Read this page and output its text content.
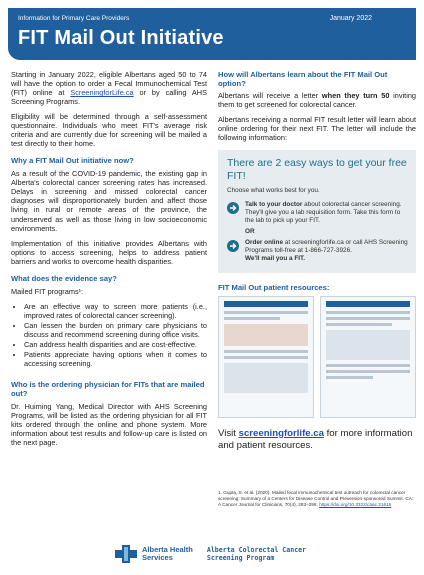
Information for Primary Care Providers	January 2022
FIT Mail Out Initiative

Starting in January 2022, eligible Albertans aged 50 to 74 will have the option to order a Fecal Immunochemical Test (FIT) online at ScreeningforLife.ca or by calling AHS Screening Programs.

Eligibility will be determined through a self-assessment questionnaire. Individuals who meet FIT's average risk criteria and are currently due for screening will be mailed a test directly to their home.

Why a FIT Mail Out initiative now?

As a result of the COVID-19 pandemic, the existing gap in Alberta's colorectal cancer screening rates has increased. Delays in screening and missed colorectal cancer diagnoses will disproportionately burden and affect those living in rural or remote areas of the province, the underserved as well as those living in low socioeconomic environments.

Implementation of this initiative provides Albertans with options to access screening, helps to address patient barriers and works to overcome health disparities.

What does the evidence say?

Mailed FIT programs¹:

• Are an effective way to screen more patients (i.e., improved rates of colorectal cancer screening).
• Can lessen the burden on primary care physicians to discuss and recommend screening during office visits.
• Can address health disparities and are cost-effective.
• Patients appreciate having options when it comes to accessing screening.
Who is the ordering physician for FITs that are mailed out?

Dr. Huiming Yang, Medical Director with AHS Screening Programs, will be listed as the ordering physician for all FIT kits ordered through the online and phone system. More information about test results and follow-up care is listed on the next page.

How will Albertans learn about the FIT Mail Out option?

Albertans will receive a letter when they turn 50 inviting them to get screened for colorectal cancer.

Albertans receiving a normal FIT result letter will learn about online ordering for their next FIT. The letter will include the following information:

There are 2 easy ways to get your free FIT!
Choose what works best for you.
Talk to your doctor about colorectal cancer screening. They'll give you a lab requisition form. Take this form to the lab to pick up your FIT.
OR
Order online at screeningforlife.ca or call AHS Screening Programs toll-free at 1-866-727-3926.
We'll mail you a FIT.
FIT Mail Out patient resources:
Visit screeningforlife.ca for more information and patient resources.
1. Gupta, S. et al. (2020). Mailed fecal immunochemical test outreach for colorectal cancer screening: Summary of a Centers for Disease Control and Prevention-sponsored Summit. CA: A Cancer Journal for Clinicians, 70(4), 283–298. https://doi.org/10.3322/caac.21615
Alberta Health
Services
Alberta Colorectal Cancer
Screening Program
